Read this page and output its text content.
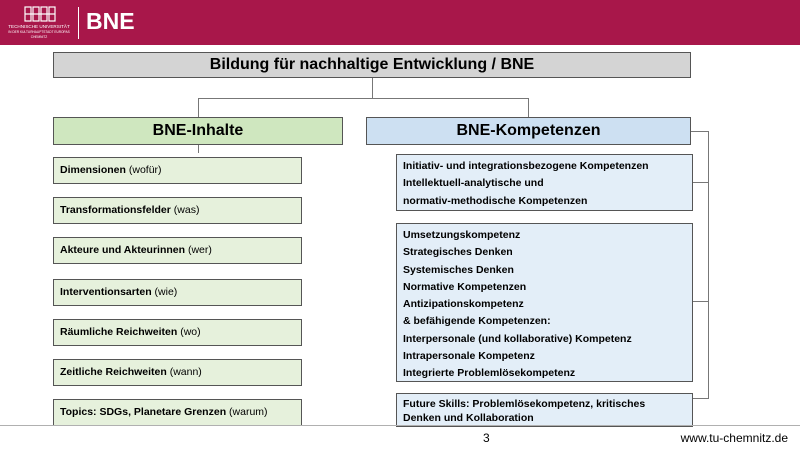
TECHNISCHE UNIVERSITÄT
IN DER KULTURHAUPTSTADT EUROPAS
CHEMNITZ
BNE
Bildung für nachhaltige Entwicklung / BNE
BNE-Inhalte	BNE-Kompetenzen
Dimensionen (wofür)
Transformationsfelder (was)
Akteure und Akteurinnen (wer)
Interventionsarten (wie)
Räumliche Reichweiten (wo)
Zeitliche Reichweiten (wann)
Topics: SDGs, Planetare Grenzen (warum)
Initiativ- und integrationsbezogene Kompetenzen
Intellektuell-analytische und
normativ-methodische Kompetenzen
Umsetzungskompetenz
Strategisches Denken
Systemisches Denken
Normative Kompetenzen
Antizipationskompetenz
& befähigende Kompetenzen:
Interpersonale (und kollaborative) Kompetenz
Intrapersonale Kompetenz
Integrierte Problemlösekompetenz
Future Skills: Problemlösekompetenz, kritisches
Denken und Kollaboration
3	www.tu-chemnitz.de
